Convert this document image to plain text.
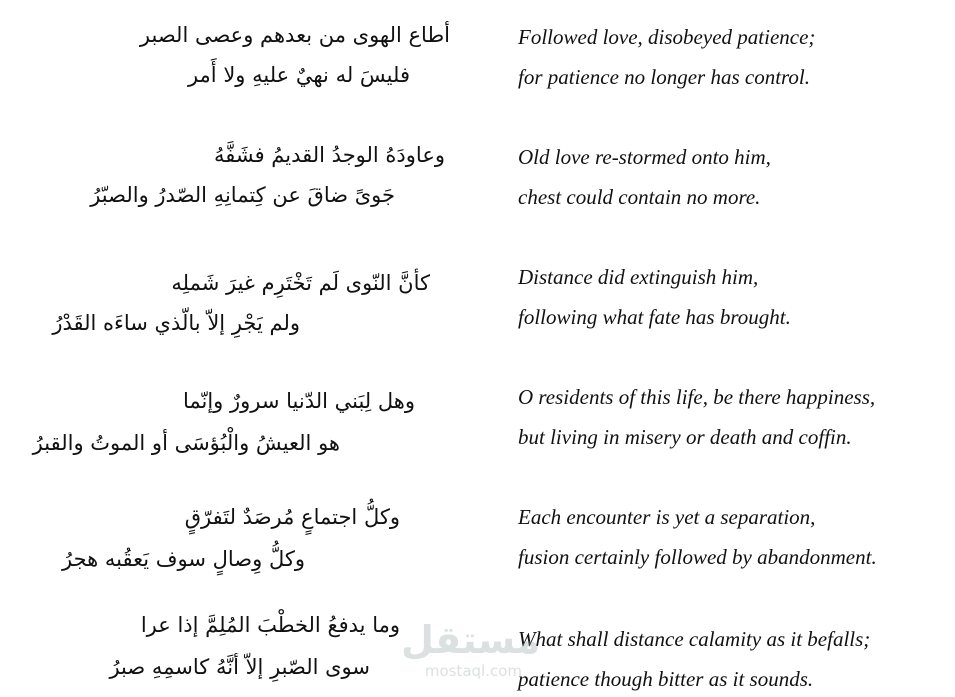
أطاع الهوى من بعدهم وعصى الصبر
فليسَ له نهيٌ عليهِ ولا أَمر
Followed love, disobeyed patience;
for patience no longer has control.
وعاودَهُ الوجدُ القديمُ فشَفَّهُ
جَوىً ضاقَ عن كِتمانِهِ الصّدرُ والصبّرُ
Old love re-stormed onto him,
chest could contain no more.
كأنَّ النّوى لَم تَخْتَرِم غيرَ شَملِه
ولم يَجْرِ إلاّ بالّذي ساءَه القَدْرُ
Distance did extinguish him,
following what fate has brought.
وهل لِبَني الدّنيا سرورٌ وإنّما
هو العيشُ والْبُؤسَى أو الموتُ والقبرُ
O residents of this life, be there happiness,
but living in misery or death and coffin.
وكلُّ اجتماعٍ مُرصَدٌ لتَفرّقٍ
وكلُّ وِصالٍ سوف يَعقُبه هجرُ
Each encounter is yet a separation,
fusion certainly followed by abandonment.
وما يدفعُ الخطْبَ المُلِمَّ إذا عرا
سوى الصّبرِ إلاّ أنَّهُ كاسمِهِ صبرُ
What shall distance calamity as it befalls;
patience though bitter as it sounds.
مستقل
mostaql.com
